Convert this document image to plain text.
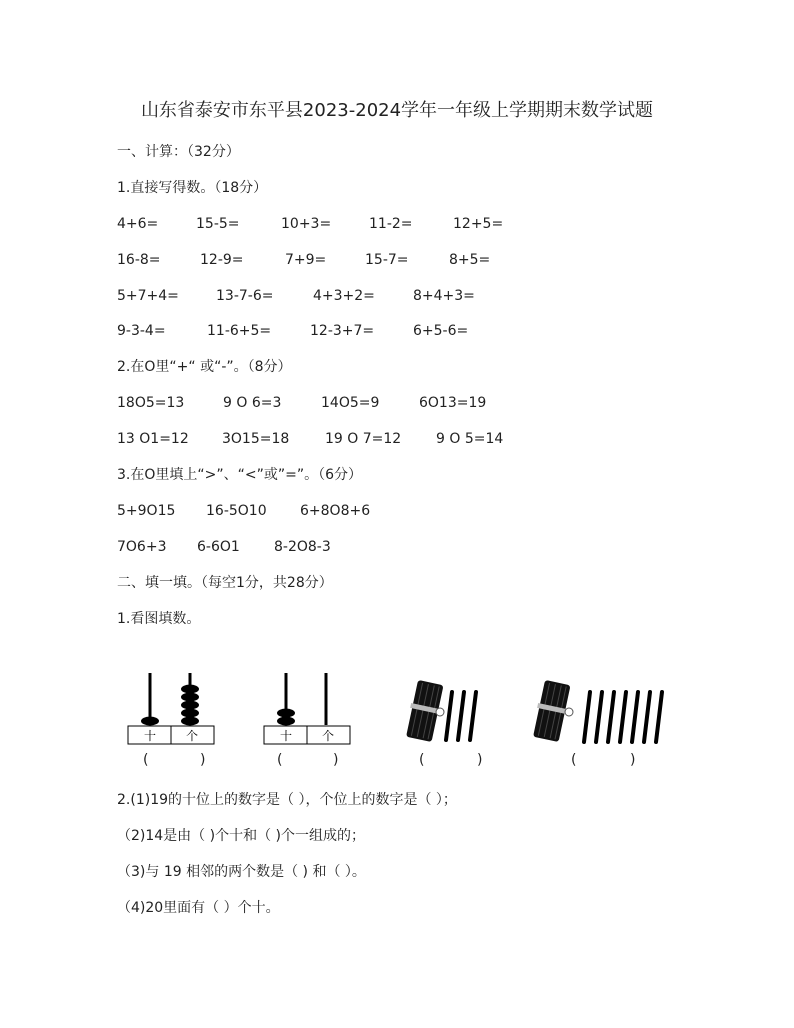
山东省泰安市东平县2023-2024学年一年级上学期期末数学试题
一、计算：（32分）
1.直接写得数。（18分）
4+6=	15-5=	10+3=	11-2=	12+5=
16-8=	12-9=	7+9=	15-7=	8+5=
5+7+4=	13-7-6=	4+3+2=	8+4+3=
9-3-4=	11-6+5=	12-3+7=	6+5-6=
2.在O里“+“ 或“-”。（8分）
18O5=13	9 O 6=3	14O5=9	6O13=19
13 O1=12 3O15=18	19 O 7=12 9 O 5=14
3.在O里填上“>”、“<”或”=”。（6分）
5+9O15 16-5O10 6+8O8+6
7O6+3 6-6O1 8-2O8-3
二、填一填。（每空1分，共28分）
1.看图填数。
十 个	十 个
(	)	(	)	(	)	(	)
2.(1)19的十位上的数字是（ ），个位上的数字是（ ）；
（2)14是由（ )个十和（ )个一组成的；
（3)与 19 相邻的两个数是（ ) 和（ ）。
（4)20里面有（ ）个十。
